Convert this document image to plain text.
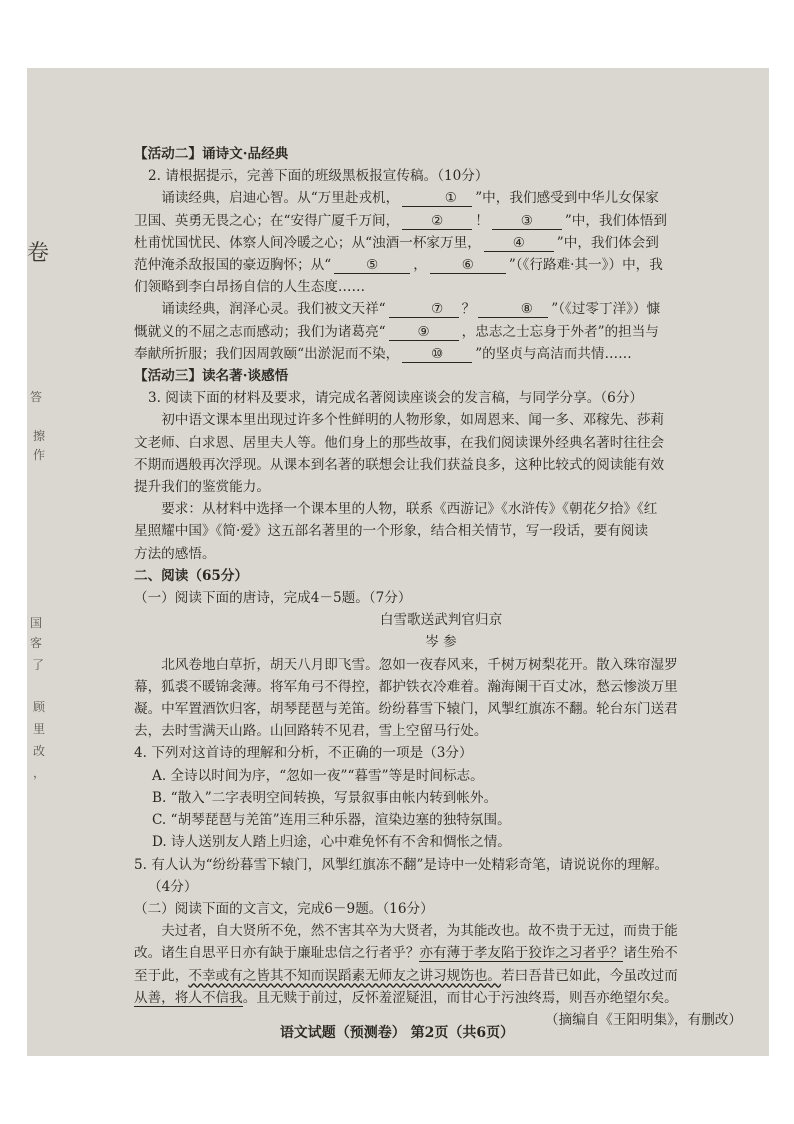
卷
答
擦
作
国
客
了
顾
里
改
，
【活动二】诵诗文·品经典
2. 请根据提示，完善下面的班级黑板报宣传稿。（10分）
诵读经典，启迪心智。从“万里赴戎机，	① ”中，我们感受到中华儿女保家
卫国、英勇无畏之心；在“安得广厦千万间， ② ！ ③ ”中，我们体悟到
杜甫忧国忧民、体察人间冷暖之心；从“浊酒一杯家万里， ④ ”中，我们体会到
范仲淹杀敌报国的豪迈胸怀；从“	⑤	，	⑥	”（《行路难·其一》）中，我
们领略到李白昂扬自信的人生态度……
诵读经典，润泽心灵。我们被文天祥“	⑦ ？	⑧ ”（《过零丁洋》）慷
慨就义的不屈之志而感动；我们为诸葛亮“ ⑨ ，忠志之士忘身于外者”的担当与
奉献所折服；我们因周敦颐“出淤泥而不染， ⑩ ”的坚贞与高洁而共情……
【活动三】读名著·谈感悟
3. 阅读下面的材料及要求，请完成名著阅读座谈会的发言稿，与同学分享。（6分）
初中语文课本里出现过许多个性鲜明的人物形象，如周恩来、闻一多、邓稼先、莎莉
文老师、白求恩、居里夫人等。他们身上的那些故事，在我们阅读课外经典名著时往往会
不期而遇般再次浮现。从课本到名著的联想会让我们获益良多，这种比较式的阅读能有效
提升我们的鉴赏能力。
要求：从材料中选择一个课本里的人物，联系《西游记》《水浒传》《朝花夕拾》《红
星照耀中国》《简·爱》这五部名著里的一个形象，结合相关情节，写一段话，要有阅读
方法的感悟。
二、阅读（65分）
（一）阅读下面的唐诗，完成4－5题。（7分）
白雪歌送武判官归京
岑 参
北风卷地白草折，胡天八月即飞雪。忽如一夜春风来，千树万树梨花开。散入珠帘湿罗
幕，狐裘不暖锦衾薄。将军角弓不得控，都护铁衣冷难着。瀚海阑干百丈冰，愁云惨淡万里
凝。中军置酒饮归客，胡琴琵琶与羌笛。纷纷暮雪下辕门，风掣红旗冻不翻。轮台东门送君
去，去时雪满天山路。山回路转不见君，雪上空留马行处。
4. 下列对这首诗的理解和分析，不正确的一项是（3分）
A. 全诗以时间为序，“忽如一夜”“暮雪”等是时间标志。
B. “散入”二字表明空间转换，写景叙事由帐内转到帐外。
C. “胡琴琵琶与羌笛”连用三种乐器，渲染边塞的独特氛围。
D. 诗人送别友人踏上归途，心中难免怀有不舍和惆怅之情。
5. 有人认为“纷纷暮雪下辕门，风掣红旗冻不翻”是诗中一处精彩奇笔，请说说你的理解。
（4分）
（二）阅读下面的文言文，完成6－9题。（16分）
夫过者，自大贤所不免，然不害其卒为大贤者，为其能改也。故不贵于无过，而贵于能
改。诸生自思平日亦有缺于廉耻忠信之行者乎？亦有薄于孝友陷于狡诈之习者乎？诸生殆不
至于此，不幸或有之皆其不知而误蹈素无师友之讲习规饬也。若曰吾昔已如此，今虽改过而
从善，将人不信我。且无赎于前过，反怀羞涩疑沮，而甘心于污浊终焉，则吾亦绝望尔矣。
（摘编自《王阳明集》，有删改）
语文试题（预测卷） 第2页（共6页）
